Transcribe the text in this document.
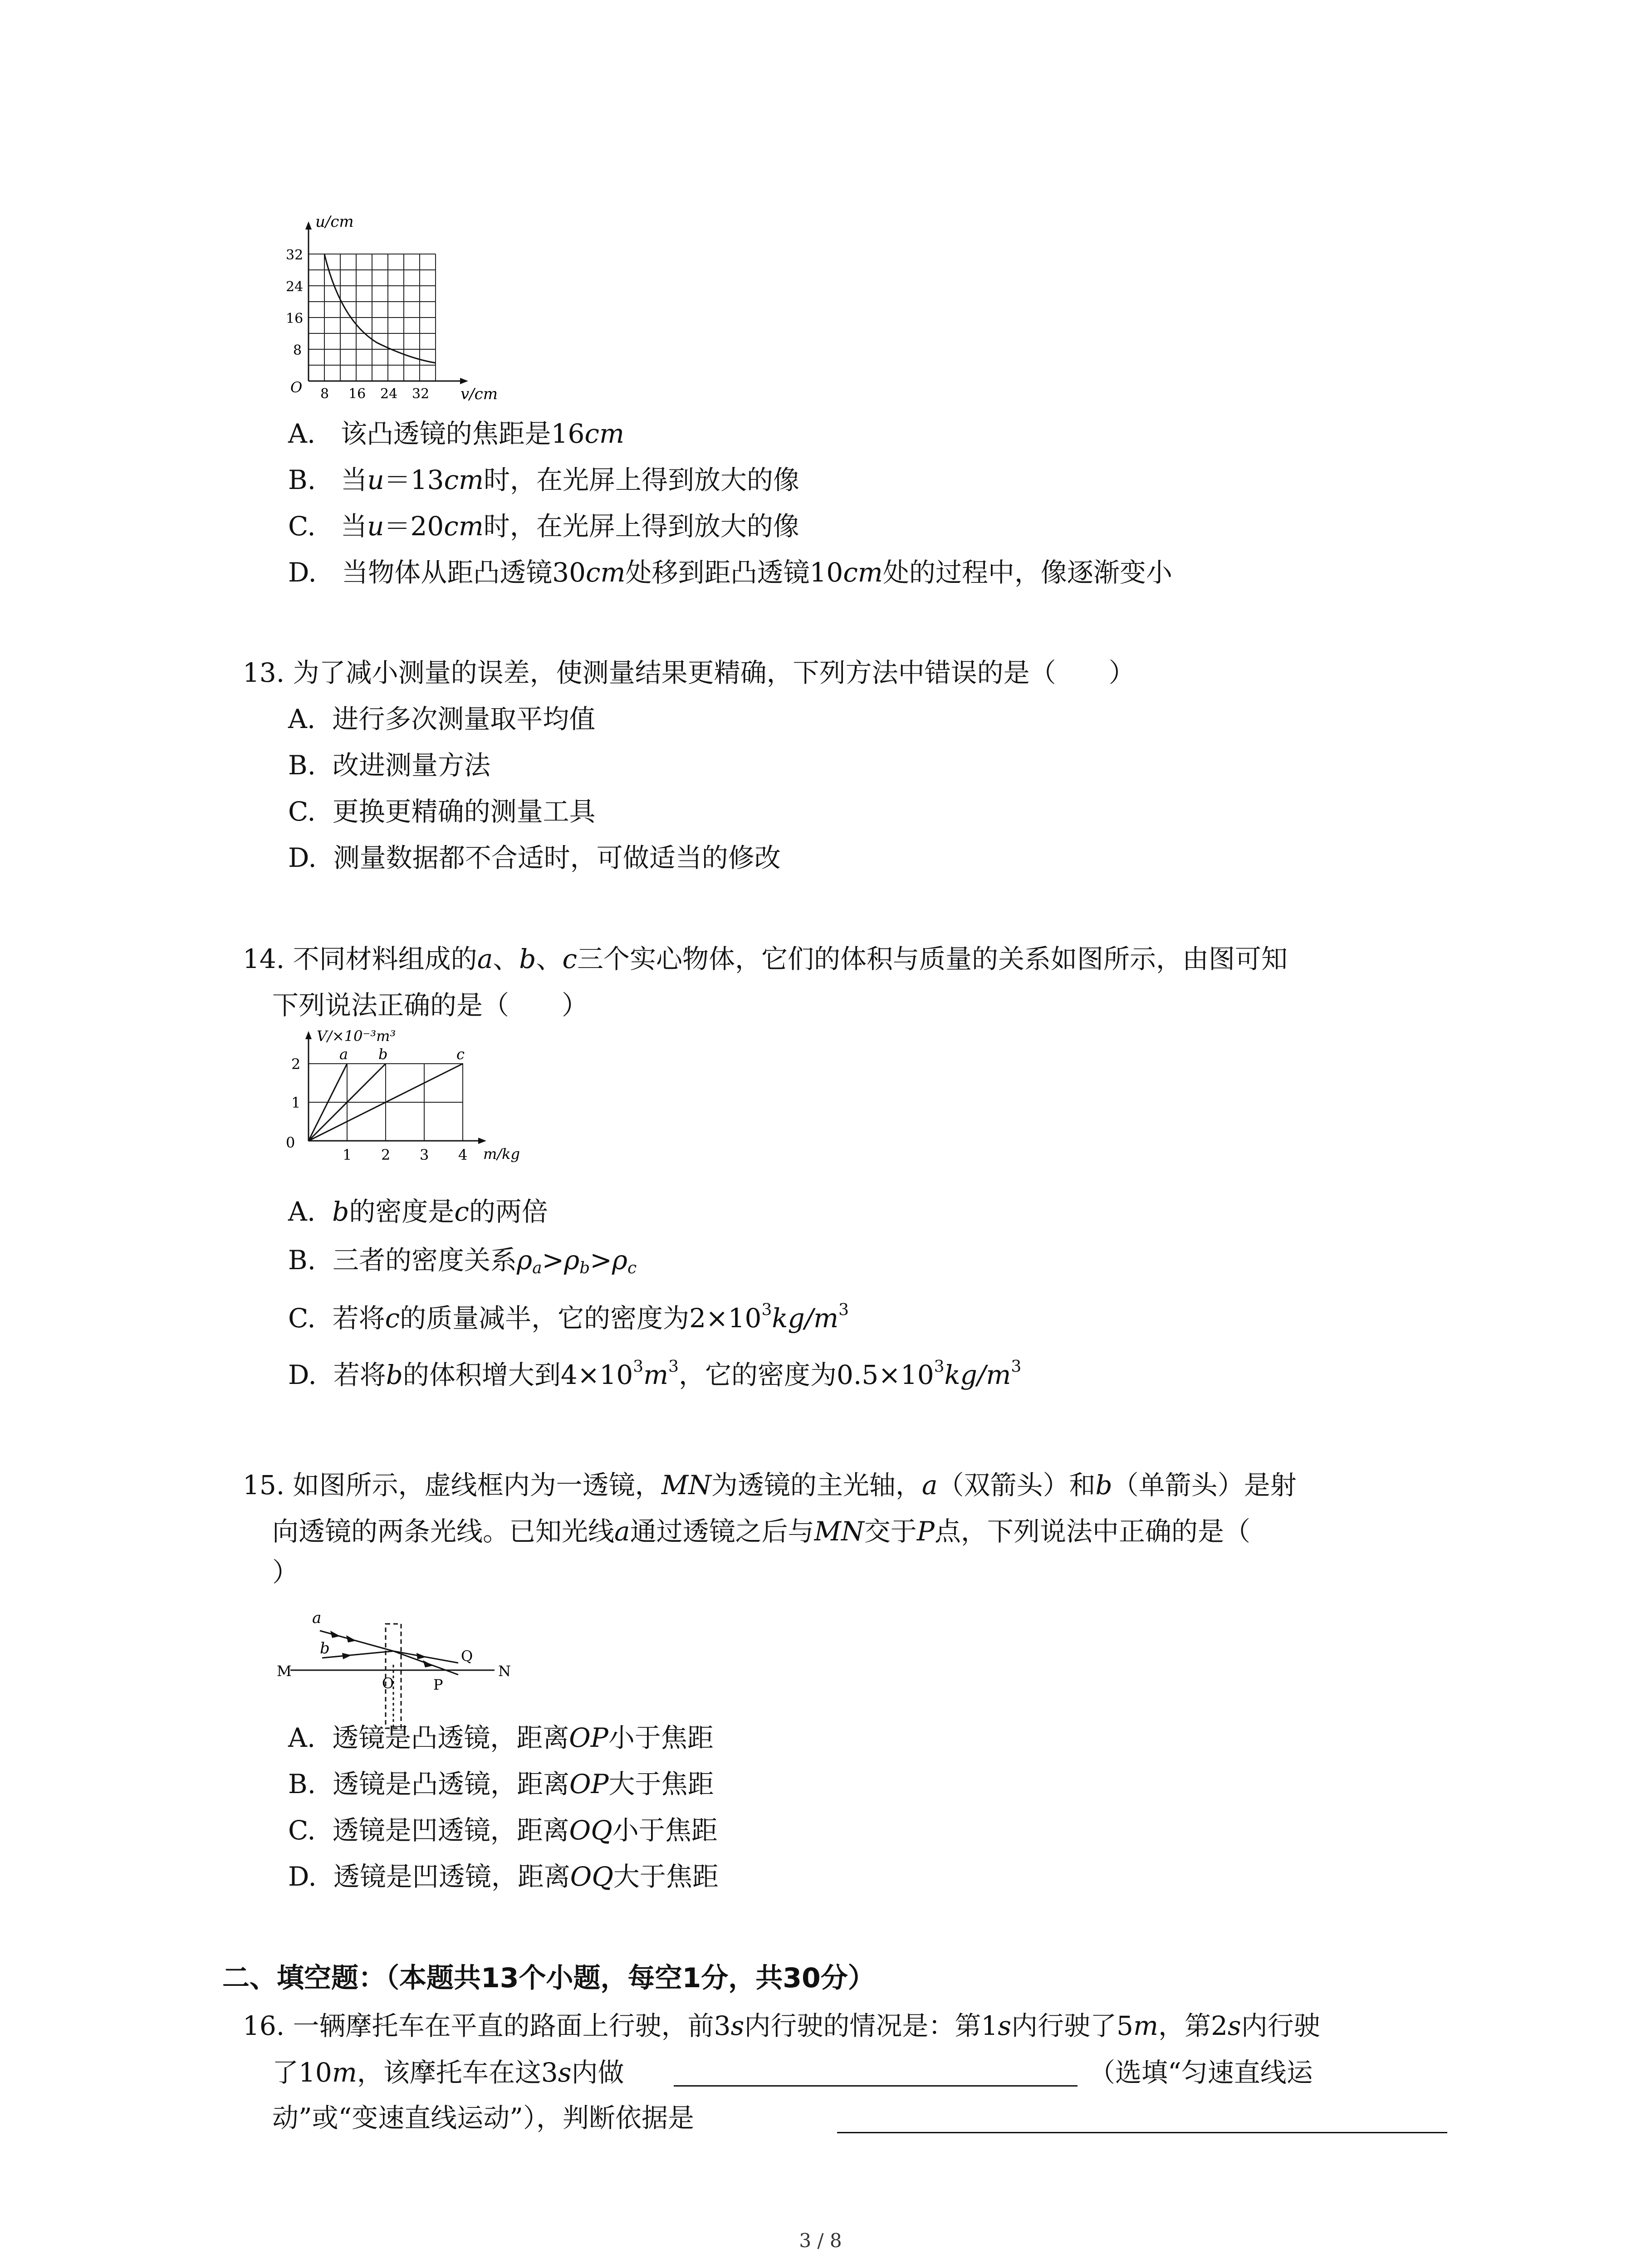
u/cm
v/cm
O
32
24
16
8
8 16 24 32
A. 该凸透镜的焦距是16cm
B. 当u＝13cm时，在光屏上得到放大的像
C. 当u＝20cm时，在光屏上得到放大的像
D. 当物体从距凸透镜30cm处移到距凸透镜10cm处的过程中，像逐渐变小
13. 为了减小测量的误差，使测量结果更精确，下列方法中错误的是（　　）
A. 进行多次测量取平均值
B. 改进测量方法
C. 更换更精确的测量工具
D. 测量数据都不合适时，可做适当的修改
14. 不同材料组成的a、b、c三个实心物体，它们的体积与质量的关系如图所示，由图可知
下列说法正确的是（　　）
V/×10⁻³m³
m/kg
0
2
1
1 2 3 4
a b	c
A. b的密度是c的两倍
B. 三者的密度关系$\rho_a>\rho_b>\rho_c$
C. 若将c的质量减半，它的密度为$2\times 10^3kg/m^3$
D. 若将b的体积增大到$4\times 10^3m^3$，它的密度为$0.5\times 10^3kg/m^3$
15. 如图所示，虚线框内为一透镜，MN为透镜的主光轴，a（双箭头）和b（单箭头）是射
向透镜的两条光线。已知光线a通过透镜之后与MN交于P点，下列说法中正确的是（
）
a
b
M	N
O	P
Q
A. 透镜是凸透镜，距离OP小于焦距
B. 透镜是凸透镜，距离OP大于焦距
C. 透镜是凹透镜，距离OQ小于焦距
D. 透镜是凹透镜，距离OQ大于焦距
二、填空题：（本题共13个小题，每空1分，共30分）
16. 一辆摩托车在平直的路面上行驶，前3s内行驶的情况是：第1s内行驶了5m，第2s内行驶
了10m，该摩托车在这3s内做	（选填“匀速直线运
动”或“变速直线运动”），判断依据是
3 / 8
